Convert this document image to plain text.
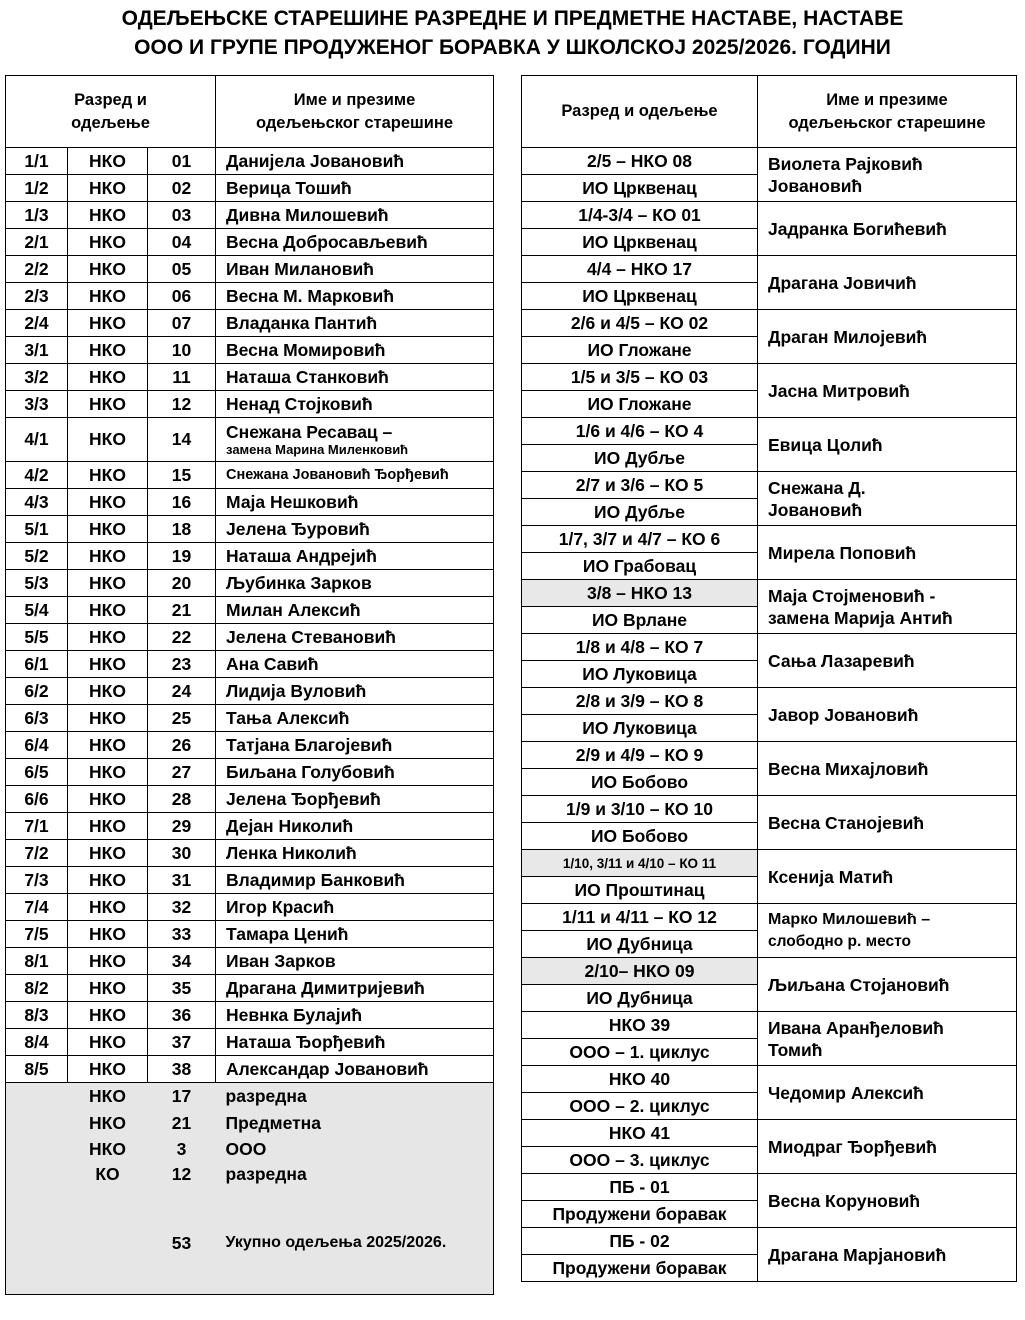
ОДЕЉЕЊСКЕ СТАРЕШИНЕ РАЗРЕДНЕ И ПРЕДМЕТНЕ НАСТАВЕ, НАСТАВЕ
ООО И ГРУПЕ ПРОДУЖЕНОГ БОРАВКА У ШКОЛСКОЈ 2025/2026. ГОДИНИ
Разред и
одељење			Име и презиме
одељењског старешине
1/1	НКО	01	Данијела Јовановић
1/2	НКО	02	Верица Тошић
1/3	НКО	03	Дивна Милошевић
2/1	НКО	04	Весна Добросављевић
2/2	НКО	05	Иван Милановић
2/3	НКО	06	Весна М. Марковић
2/4	НКО	07	Владанка Пантић
3/1	НКО	10	Весна Момировић
3/2	НКО	11	Наташа Станковић
3/3	НКО	12	Ненад Стојковић
4/1	НКО	14	Снежана Ресавац –
замена Марина Миленковић

4/2	НКО	15	Снежана Јовановић Ђорђевић
4/3	НКО	16	Маја Нешковић
5/1	НКО	18	Јелена Ђуровић
5/2	НКО	19	Наташа Андрејић
5/3	НКО	20	Љубинка Зарков
5/4	НКО	21	Милан Алексић
5/5	НКО	22	Јелена Стевановић
6/1	НКО	23	Ана Савић
6/2	НКО	24	Лидија Вуловић
6/3	НКО	25	Тања Алексић
6/4	НКО	26	Татјана Благојевић
6/5	НКО	27	Биљана Голубовић
6/6	НКО	28	Јелена Ђорђевић
7/1	НКО	29	Дејан Николић
7/2	НКО	30	Ленка Николић
7/3	НКО	31	Владимир Банковић
7/4	НКО	32	Игор Красић
7/5	НКО	33	Тамара Ценић
8/1	НКО	34	Иван Зарков
8/2	НКО	35	Драгана Димитријевић
8/3	НКО	36	Невнка Булајић
8/4	НКО	37	Наташа Ђорђевић
8/5	НКО	38	Александар Јовановић
	НКО	17	разредна
	НКО	21	Предметна
	НКО	3	ООО
	КО	12	разредна

		53	Укупно одељења 2025/2026.
Разред и одељење	Име и презиме одељењског старешине
2/5 – НКО 08	Виолета Рајковић
Јовановић

ИО Црквенац	
1/4-3/4 – КО 01	Јадранка Богићевић

ИО Црквенац	
4/4 – НКО 17	Драгана Јовичић

ИО Црквенац	
2/6 и 4/5 – КО 02	Драган Милојевић

ИО Гложане	
1/5 и 3/5 – КО 03	Јасна Митровић

ИО Гложане	
1/6 и 4/6 – КО 4	Евица Цолић

ИО Дубље	
2/7 и 3/6 – КО 5	Снежана Д.
Јовановић

ИО Дубље	
1/7, 3/7 и 4/7 – КО 6	Мирела Поповић

ИО Грабовац	
3/8 – НКО 13	Маја Стојменовић -
замена Марија Антић

ИО Врлане	
1/8 и 4/8 – КО 7	Сања Лазаревић

ИО Луковица	
2/8 и 3/9 – КО 8	Јавор Јовановић

ИО Луковица	
2/9 и 4/9 – КО 9	Весна Михајловић

ИО Бобово	
1/9 и 3/10 – КО 10	Весна Станојевић

ИО Бобово	
1/10, 3/11 и 4/10 – КО 11	Ксенија Матић

ИО Проштинац	
1/11 и 4/11 – КО 12	Марко Милошевић –
слободно р. место

ИО Дубница	
2/10– НКО 09	Љиљана Стојановић

ИО Дубница	
НКО 39	Ивана Аранђеловић
Томић

ООО – 1. циклус	
НКО 40	Чедомир Алексић

ООО – 2. циклус	
НКО 41	Миодраг Ђорђевић

ООО – 3. циклус	
ПБ - 01	Весна Коруновић

Продужени боравак	
ПБ - 02	Драгана Марјановић

Продужени боравак	
